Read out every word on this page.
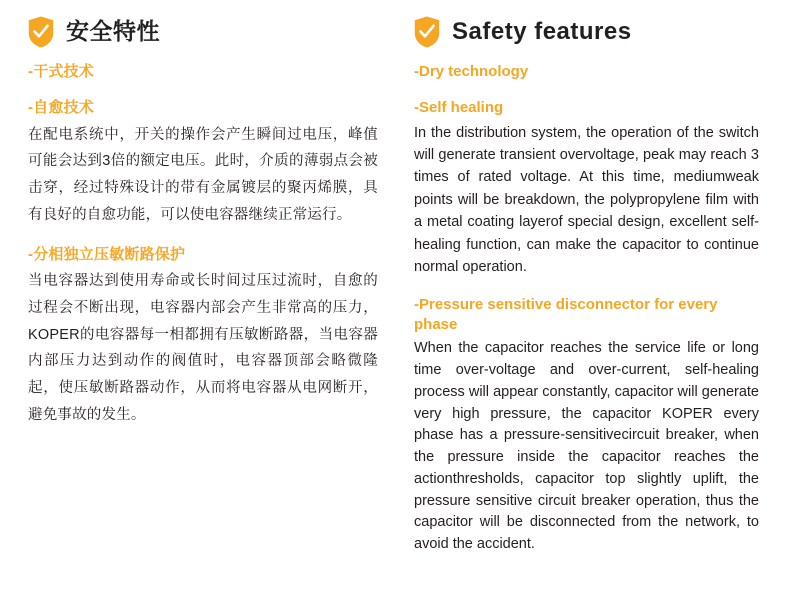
安全特性
-干式技术
-自愈技术
在配电系统中，开关的操作会产生瞬间过电压，峰值可能会达到3倍的额定电压。此时，介质的薄弱点会被击穿，经过特殊设计的带有金属镀层的聚丙烯膜，具有良好的自愈功能，可以使电容器继续正常运行。
-分相独立压敏断路保护
当电容器达到使用寿命或长时间过压过流时，自愈的过程会不断出现，电容器内部会产生非常高的压力，KOPER的电容器每一相都拥有压敏断路器，当电容器内部压力达到动作的阀值时，电容器顶部会略微隆起，使压敏断路器动作，从而将电容器从电网断开，避免事故的发生。
Safety features
-Dry technology
-Self healing
In the distribution system, the operation of the switch will generate transient overvoltage, peak may reach 3 times of rated voltage. At this time, mediumweak points will be breakdown, the polypropylene film with a metal coating layerof special design, excellent self-healing function, can make the capacitor to continue normal operation.
-Pressure sensitive disconnector for every phase
When the capacitor reaches the service life or long time over-voltage and over-current, self-healing process will appear constantly, capacitor will generate very high pressure, the capacitor KOPER every phase has a pressure-sensitivecircuit breaker, when the pressure inside the capacitor reaches the actionthresholds, capacitor top slightly uplift, the pressure sensitive circuit breaker operation, thus the capacitor will be disconnected from the network, to avoid the accident.
